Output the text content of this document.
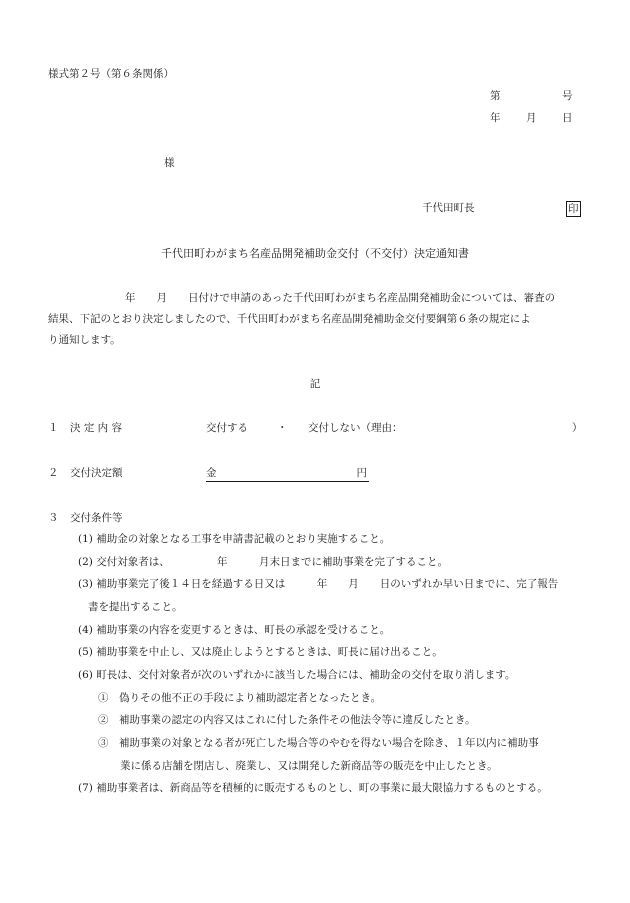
様式第２号（第６条関係）
第	号
年 月 日
様
千代田町長	印
千代田町わがまち名産品開発補助金交付（不交付）決定通知書
　　年　　月　　日付けで申請のあった千代田町わがまち名産品開発補助金については、審査の
結果、下記のとおり決定しましたので、千代田町わがまち名産品開発補助金交付要綱第６条の規定によ
り通知します。
記
１ 決 定 内 容	交付する	・ 交付しない（理由：	）
２ 交付決定額	金	円
３ 交付条件等
(1) 補助金の対象となる工事を申請書記載のとおり実施すること。
(2) 交付対象者は、　　　　　年　　　月末日までに補助事業を完了すること。
(3) 補助事業完了後１４日を経過する日又は　　　年　　月　　日のいずれか早い日までに、完了報告
書を提出すること。
(4) 補助事業の内容を変更するときは、町長の承認を受けること。
(5) 補助事業を中止し、又は廃止しようとするときは、町長に届け出ること。
(6) 町長は、交付対象者が次のいずれかに該当した場合には、補助金の交付を取り消します。
①　偽りその他不正の手段により補助認定者となったとき。
②　補助事業の認定の内容又はこれに付した条件その他法令等に違反したとき。
③　補助事業の対象となる者が死亡した場合等のやむを得ない場合を除き、１年以内に補助事
業に係る店舗を閉店し、廃業し、又は開発した新商品等の販売を中止したとき。
(7) 補助事業者は、新商品等を積極的に販売するものとし、町の事業に最大限協力するものとする。
